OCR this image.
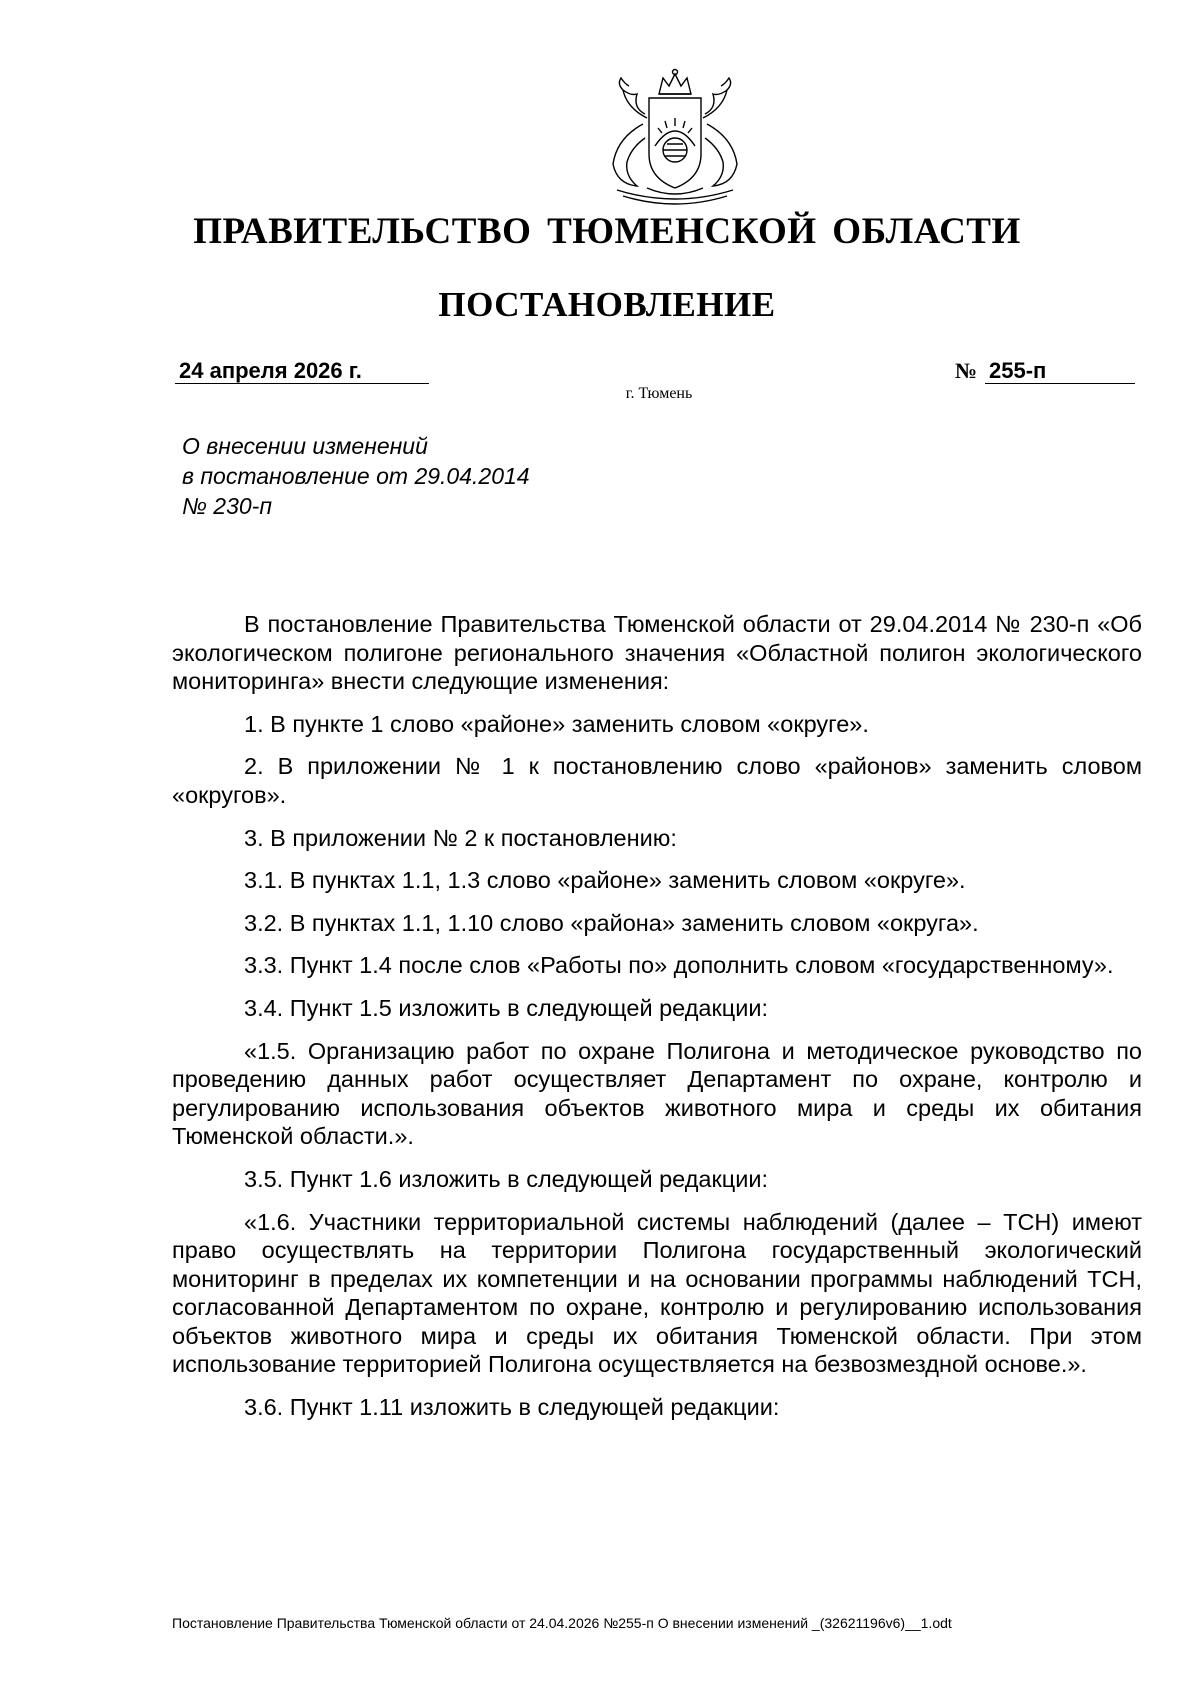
ПРАВИТЕЛЬСТВО ТЮМЕНСКОЙ ОБЛАСТИ
ПОСТАНОВЛЕНИЕ
24 апреля 2026 г.	№ 255-п
г. Тюмень
О внесении изменений
в постановление от 29.04.2014
№ 230-п

В постановление Правительства Тюменской области от 29.04.2014 № 230-п «Об экологическом полигоне регионального значения «Областной полигон экологического мониторинга» внести следующие изменения:

1. В пункте 1 слово «районе» заменить словом «округе».

2. В приложении № 1 к постановлению слово «районов» заменить словом «округов».

3. В приложении № 2 к постановлению:

3.1. В пунктах 1.1, 1.3 слово «районе» заменить словом «округе».

3.2. В пунктах 1.1, 1.10 слово «района» заменить словом «округа».

3.3. Пункт 1.4 после слов «Работы по» дополнить словом «государственному».

3.4. Пункт 1.5 изложить в следующей редакции:

«1.5. Организацию работ по охране Полигона и методическое руководство по проведению данных работ осуществляет Департамент по охране, контролю и регулированию использования объектов животного мира и среды их обитания Тюменской области.».

3.5. Пункт 1.6 изложить в следующей редакции:

«1.6. Участники территориальной системы наблюдений (далее – ТСН) имеют право осуществлять на территории Полигона государственный экологический мониторинг в пределах их компетенции и на основании программы наблюдений ТСН, согласованной Департаментом по охране, контролю и регулированию использования объектов животного мира и среды их обитания Тюменской области. При этом использование территорией Полигона осуществляется на безвозмездной основе.».

3.6. Пункт 1.11 изложить в следующей редакции:

Постановление Правительства Тюменской области от 24.04.2026 №255-п О внесении изменений _(32621196v6)__1.odt
